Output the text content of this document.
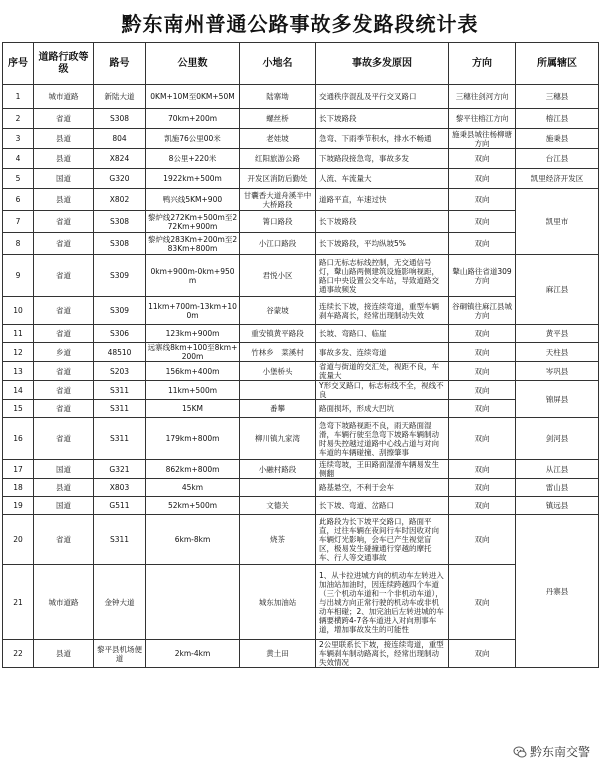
黔东南州普通公路事故多发路段统计表
序号	道路行政等级	路号	公里数	小地名	事故多发原因	方向	所属辖区
1	城市道路	新陆大道	0KM+10M至0KM+50M	陆寨坳	交通秩序混乱及平行交叉路口	三穗往剑河方向	三穗县
2	省道	S308	70km+200m	螺丝桥	长下坡路段	黎平往榕江方向	榕江县
3	县道	804	凯施76公里00米	老娃坡	急弯、下雨季节积水，排水不畅通	施秉县城往杨柳塘方向	施秉县
4	县道	X824	8公里+220米	红阳旅游公路	下坡路段接急弯，事故多发	双向	台江县
5	国道	G320	1922km+500m	开发区消防后勤处	人流、车流量大	双向	凯里经济开发区
6	县道	X802	鸭兴线5KM+900	甘囊香大道舟溪半中大桥路段	道路平直，车速过快	双向	凯里市
7	省道	S308	黎炉线272Km+500m至272Km+900m	箐口路段	长下坡路段	双向	
8	省道	S308	黎炉线283Km+200m至283Km+800m	小江口路段	长下坡路段，平均纵坡5%	双向	
9	省道	S309	0km+900m-0km+950m	君悦小区	路口无标志标线控制，无交通信号灯，鼙山路两侧建筑设施影响视距，路口中央设置公交车站，导致道路交通事故频发	鼙山路往省道309方向	麻江县
10	省道	S309	11km+700m-13km+100m	谷蒙坡	连续长下坡，接连续弯道，重型车辆刹车路离长，经常出现制动失效	谷硐镇往麻江县城方向	
11	省道	S306	123km+900m	重安镇黄平路段	长坡、弯路口、临崖	双向	黄平县
12	乡道	48510	远寨线8km+100至8km+200m	竹林乡　菜溪村	事故多发、连续弯道	双向	天柱县
13	省道	S203	156km+400m	小堡桥头	省道与街道的交汇处，视距不良，车流量大	双向	岑巩县
14	省道	S311	11km+500m		Y形交叉路口，标志标线不全，视线不良	双向	锦屏县
15	省道	S311	15KM	番攀	路面损坏，形成大凹坑	双向	
16	省道	S311	179km+800m	柳川镇九家湾	急弯下坡路视距不良，雨天路面湿滑，车辆行驶至急弯下坡路车辆制动时易失控越过道路中心线占道与对向车道的车辆碰撞、刮擦肇事	双向	剑河县
17	国道	G321	862km+800m	小融村路段	连续弯坡，王田路面湿滑车辆易发生侧翻	双向	从江县
18	县道	X803	45km		路基悬空，不利于会车	双向	雷山县
19	国道	G511	52km+500m	文德关	长下坡、弯道、岔路口	双向	镇远县
20	省道	S311	6km-8km	烧茶	此路段为长下坡平交路口，路面平直，过往车辆在夜间行车时因收对向车辆灯光影响，会车已产生视觉盲区，极易发生碰撞通行穿越的摩托车、行人等交通事故	双向	丹寨县
21	城市道路	金钟大道		城东加油站	1、从卡拉进城方向的机动车左转进入加油站加油时，因连续跨越四个车道（三个机动车道和一个非机动车道），与出城方向正常行驶的机动车或非机动车相碰；2、加完油后左转进城的车辆要横跨4-7各车道进入对向刑事车道，增加事故发生的可能性	双向	
22	县道	黎平县机场便道	2km-4km	黄土田	2公里联系长下坡，接连续弯道，重型车辆刹车制动路离长，经常出现制动失效情况	双向	
黔东南交警
